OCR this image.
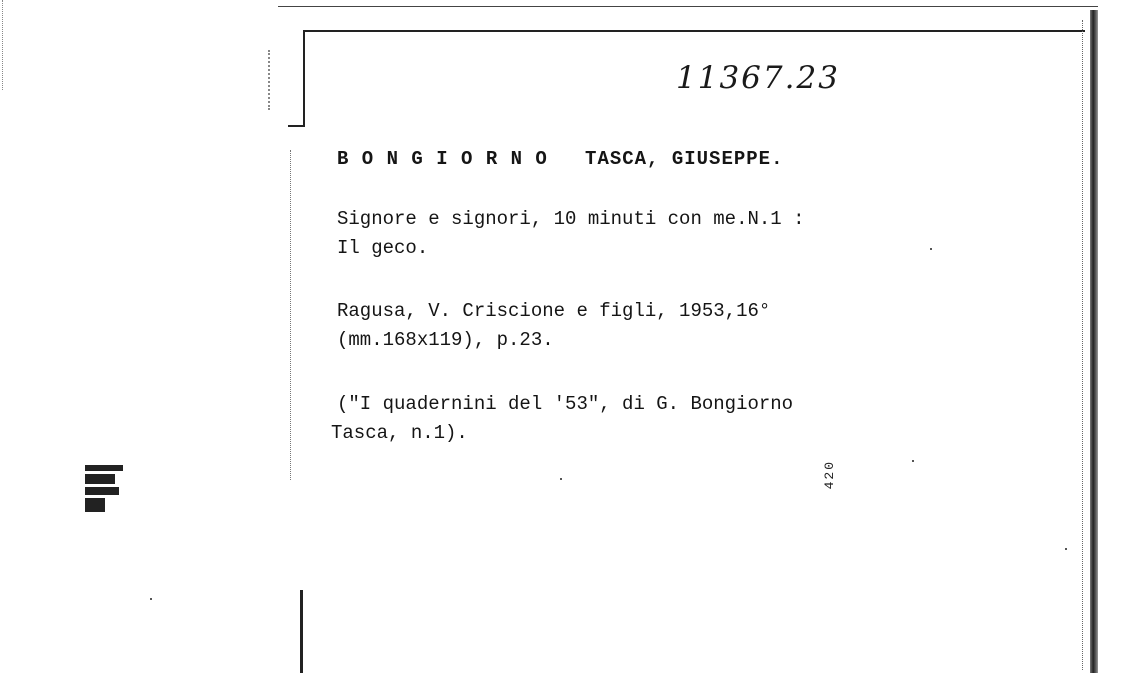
11367.23
B O N G I O R N O   TASCA, GIUSEPPE.
Signore e signori, 10 minuti con me.N.1 :
Il geco.
Ragusa, V. Criscione e figli, 1953,16°
(mm.168x119), p.23.
("I quadernini del '53", di G. Bongiorno
Tasca, n.1).
420
